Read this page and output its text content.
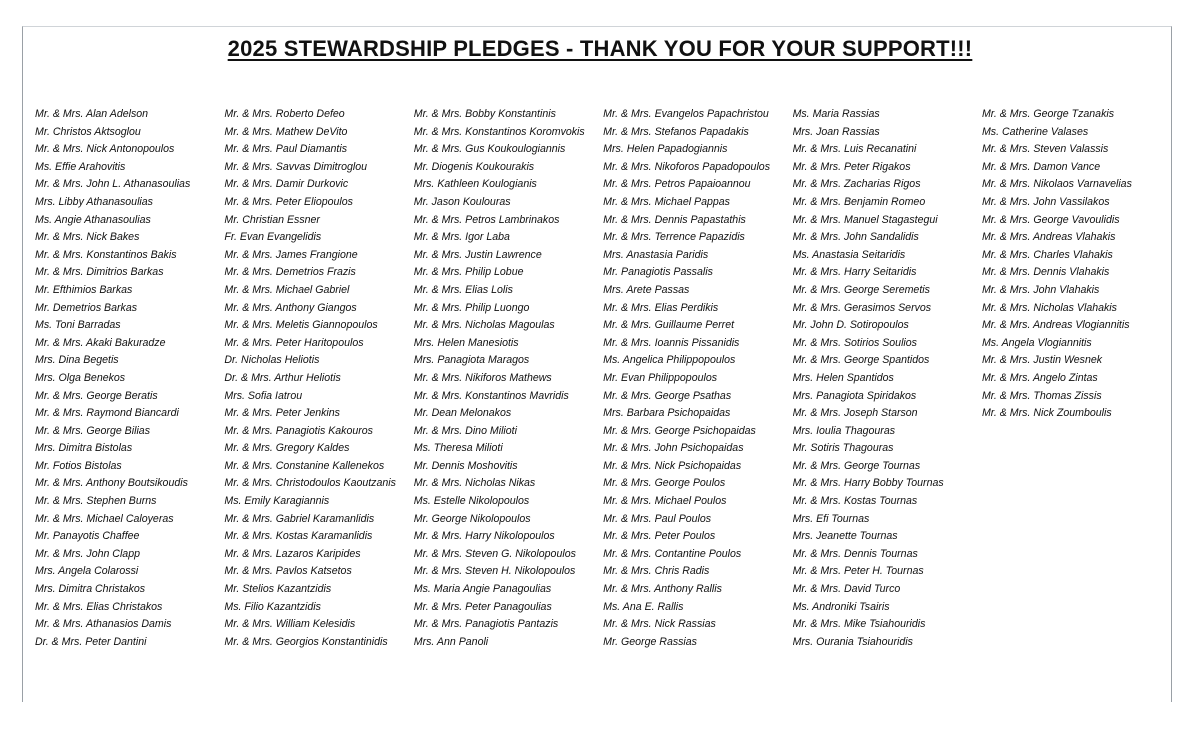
2025 STEWARDSHIP PLEDGES - THANK YOU FOR YOUR SUPPORT!!!
Mr. & Mrs. Alan Adelson
Mr. Christos Aktsoglou
Mr. & Mrs. Nick Antonopoulos
Ms. Effie Arahovitis
Mr. & Mrs. John L. Athanasoulias
Mrs. Libby Athanasoulias
Ms. Angie Athanasoulias
Mr. & Mrs. Nick Bakes
Mr. & Mrs. Konstantinos Bakis
Mr. & Mrs. Dimitrios Barkas
Mr. Efthimios Barkas
Mr. Demetrios Barkas
Ms. Toni Barradas
Mr. & Mrs. Akaki Bakuradze
Mrs. Dina Begetis
Mrs. Olga Benekos
Mr. & Mrs. George Beratis
Mr. & Mrs. Raymond Biancardi
Mr. & Mrs. George Bilias
Mrs. Dimitra Bistolas
Mr. Fotios Bistolas
Mr. & Mrs. Anthony Boutsikoudis
Mr. & Mrs. Stephen Burns
Mr. & Mrs. Michael Caloyeras
Mr. Panayotis Chaffee
Mr. & Mrs. John Clapp
Mrs. Angela Colarossi
Mrs. Dimitra Christakos
Mr. & Mrs. Elias Christakos
Mr. & Mrs. Athanasios Damis
Dr. & Mrs. Peter Dantini
Mr. & Mrs. Roberto Defeo
Mr. & Mrs. Mathew DeVito
Mr. & Mrs. Paul Diamantis
Mr. & Mrs. Savvas Dimitroglou
Mr. & Mrs. Damir Durkovic
Mr. & Mrs. Peter Eliopoulos
Mr. Christian Essner
Fr. Evan Evangelidis
Mr. & Mrs. James Frangione
Mr. & Mrs. Demetrios Frazis
Mr. & Mrs. Michael Gabriel
Mr. & Mrs. Anthony Giangos
Mr. & Mrs. Meletis Giannopoulos
Mr. & Mrs. Peter Haritopoulos
Dr. Nicholas Heliotis
Dr. & Mrs. Arthur Heliotis
Mrs. Sofia Iatrou
Mr. & Mrs. Peter Jenkins
Mr. & Mrs. Panagiotis Kakouros
Mr. & Mrs. Gregory Kaldes
Mr. & Mrs. Constanine Kallenekos
Mr. & Mrs. Christodoulos Kaoutzanis
Ms. Emily Karagiannis
Mr. & Mrs. Gabriel Karamanlidis
Mr. & Mrs. Kostas Karamanlidis
Mr. & Mrs. Lazaros Karipides
Mr. & Mrs. Pavlos Katsetos
Mr. Stelios Kazantzidis
Ms. Filio Kazantzidis
Mr. & Mrs. William Kelesidis
Mr. & Mrs. Georgios Konstantinidis
Mr. & Mrs. Bobby Konstantinis
Mr. & Mrs. Konstantinos Koromvokis
Mr. & Mrs. Gus Koukoulogiannis
Mr. Diogenis Koukourakis
Mrs. Kathleen Koulogianis
Mr. Jason Koulouras
Mr. & Mrs. Petros Lambrinakos
Mr. & Mrs. Igor Laba
Mr. & Mrs. Justin Lawrence
Mr. & Mrs. Philip Lobue
Mr. & Mrs. Elias Lolis
Mr. & Mrs. Philip Luongo
Mr. & Mrs. Nicholas Magoulas
Mrs. Helen Manesiotis
Mrs. Panagiota Maragos
Mr. & Mrs. Nikiforos Mathews
Mr. & Mrs. Konstantinos Mavridis
Mr. Dean Melonakos
Mr. & Mrs. Dino Milioti
Ms. Theresa Milioti
Mr. Dennis Moshovitis
Mr. & Mrs. Nicholas Nikas
Ms. Estelle Nikolopoulos
Mr. George Nikolopoulos
Mr. & Mrs. Harry Nikolopoulos
Mr. & Mrs. Steven G. Nikolopoulos
Mr. & Mrs. Steven H. Nikolopoulos
Ms. Maria Angie Panagoulias
Mr. & Mrs. Peter Panagoulias
Mr. & Mrs. Panagiotis Pantazis
Mrs. Ann Panoli
Mr. & Mrs. Evangelos Papachristou
Mr. & Mrs. Stefanos Papadakis
Mrs. Helen Papadogiannis
Mr. & Mrs. Nikoforos Papadopoulos
Mr. & Mrs. Petros Papaioannou
Mr. & Mrs. Michael Pappas
Mr. & Mrs. Dennis Papastathis
Mr. & Mrs. Terrence Papazidis
Mrs. Anastasia Paridis
Mr. Panagiotis Passalis
Mrs. Arete Passas
Mr. & Mrs. Elias Perdikis
Mr. & Mrs. Guillaume Perret
Mr. & Mrs. Ioannis Pissanidis
Ms. Angelica Philippopoulos
Mr. Evan Philippopoulos
Mr. & Mrs. George Psathas
Mrs. Barbara Psichopaidas
Mr. & Mrs. George Psichopaidas
Mr. & Mrs. John Psichopaidas
Mr. & Mrs. Nick Psichopaidas
Mr. & Mrs. George Poulos
Mr. & Mrs. Michael Poulos
Mr. & Mrs. Paul Poulos
Mr. & Mrs. Peter Poulos
Mr. & Mrs. Contantine Poulos
Mr. & Mrs. Chris Radis
Mr. & Mrs. Anthony Rallis
Ms. Ana E. Rallis
Mr. & Mrs. Nick Rassias
Mr. George Rassias
Ms. Maria Rassias
Mrs. Joan Rassias
Mr. & Mrs. Luis Recanatini
Mr. & Mrs. Peter Rigakos
Mr. & Mrs. Zacharias Rigos
Mr. & Mrs. Benjamin Romeo
Mr. & Mrs. Manuel Stagastegui
Mr. & Mrs. John Sandalidis
Ms. Anastasia Seitaridis
Mr. & Mrs. Harry Seitaridis
Mr. & Mrs. George Seremetis
Mr. & Mrs. Gerasimos Servos
Mr. John D. Sotiropoulos
Mr. & Mrs. Sotirios Soulios
Mr. & Mrs. George Spantidos
Mrs. Helen Spantidos
Mrs. Panagiota Spiridakos
Mr. & Mrs. Joseph Starson
Mrs. Ioulia Thagouras
Mr. Sotiris Thagouras
Mr. & Mrs. George Tournas
Mr. & Mrs. Harry Bobby Tournas
Mr. & Mrs. Kostas Tournas
Mrs. Efi Tournas
Mrs. Jeanette Tournas
Mr. & Mrs. Dennis Tournas
Mr. & Mrs. Peter H. Tournas
Mr. & Mrs. David Turco
Ms. Androniki Tsairis
Mr. & Mrs. Mike Tsiahouridis
Mrs. Ourania Tsiahouridis
Mr. & Mrs. George Tzanakis
Ms. Catherine Valases
Mr. & Mrs. Steven Valassis
Mr. & Mrs. Damon Vance
Mr. & Mrs. Nikolaos Varnavelias
Mr. & Mrs. John Vassilakos
Mr. & Mrs. George Vavoulidis
Mr. & Mrs. Andreas Vlahakis
Mr. & Mrs. Charles Vlahakis
Mr. & Mrs. Dennis Vlahakis
Mr. & Mrs. John Vlahakis
Mr. & Mrs. Nicholas Vlahakis
Mr. & Mrs. Andreas Vlogiannitis
Ms. Angela Vlogiannitis
Mr. & Mrs. Justin Wesnek
Mr. & Mrs. Angelo Zintas
Mr. & Mrs. Thomas Zissis
Mr. & Mrs. Nick Zoumboulis
